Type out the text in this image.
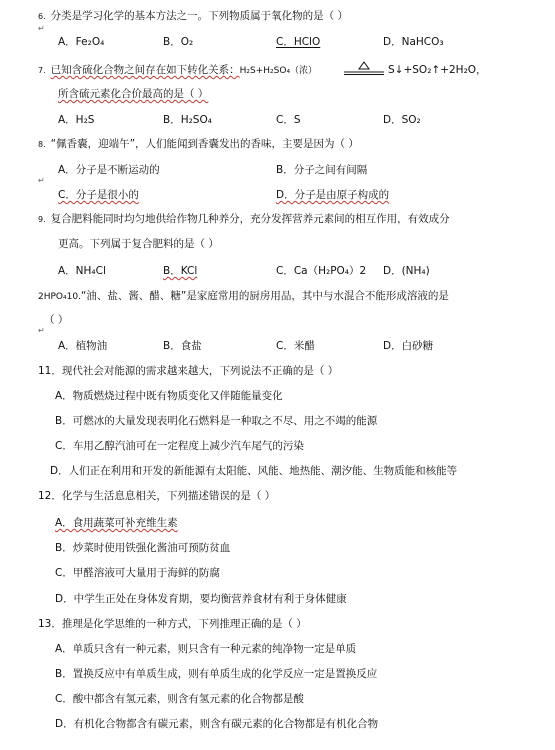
6. 分类是学习化学的基本方法之一。下列物质属于氧化物的是（ ）
A．Fe₂O₄	B．O₂	C．HClO	D．NaHCO₃
7. 已知含硫化合物之间存在如下转化关系：H₂S+H₂SO₄（浓）	S↓+SO₂↑+2H₂O，
所含硫元素化合价最高的是（ ）
A．H₂S	B．H₂SO₄	C．S	D．SO₂
8. “佩香囊，迎端午”，人们能闻到香囊发出的香味，主要是因为（ ）
A．分子是不断运动的	B．分子之间有间隔
C．分子是很小的	D．分子是由原子构成的
9. 复合肥料能同时均匀地供给作物几种养分，充分发挥营养元素间的相互作用，有效成分
更高。下列属于复合肥料的是（ ）
A．NH₄Cl	B．KCl	C．Ca（H₂PO₄）2 D．(NH₄)
2HPO₄10.“油、盐、酱、醋、糖”是家庭常用的厨房用品，其中与水混合不能形成溶液的是
（ ）
A．植物油	B．食盐	C．米醋	D．白砂糖
11．现代社会对能源的需求越来越大，下列说法不正确的是（ ）
A．物质燃烧过程中既有物质变化又伴随能量变化
B．可燃冰的大量发现表明化石燃料是一种取之不尽、用之不竭的能源
C．车用乙醇汽油可在一定程度上减少汽车尾气的污染
D．人们正在利用和开发的新能源有太阳能、风能、地热能、潮汐能、生物质能和核能等
12．化学与生活息息相关，下列描述错误的是（ ）
A．食用蔬菜可补充维生素
B．炒菜时使用铁强化酱油可预防贫血
C．甲醛溶液可大量用于海鲜的防腐
D．中学生正处在身体发育期，要均衡营养食材有利于身体健康
13．推理是化学思维的一种方式，下列推理正确的是（ ）
A．单质只含有一种元素，则只含有一种元素的纯净物一定是单质
B．置换反应中有单质生成，则有单质生成的化学反应一定是置换反应
C．酸中都含有氢元素，则含有氢元素的化合物都是酸
D．有机化合物都含有碳元素，则含有碳元素的化合物都是有机化合物
↵
↵
↵
